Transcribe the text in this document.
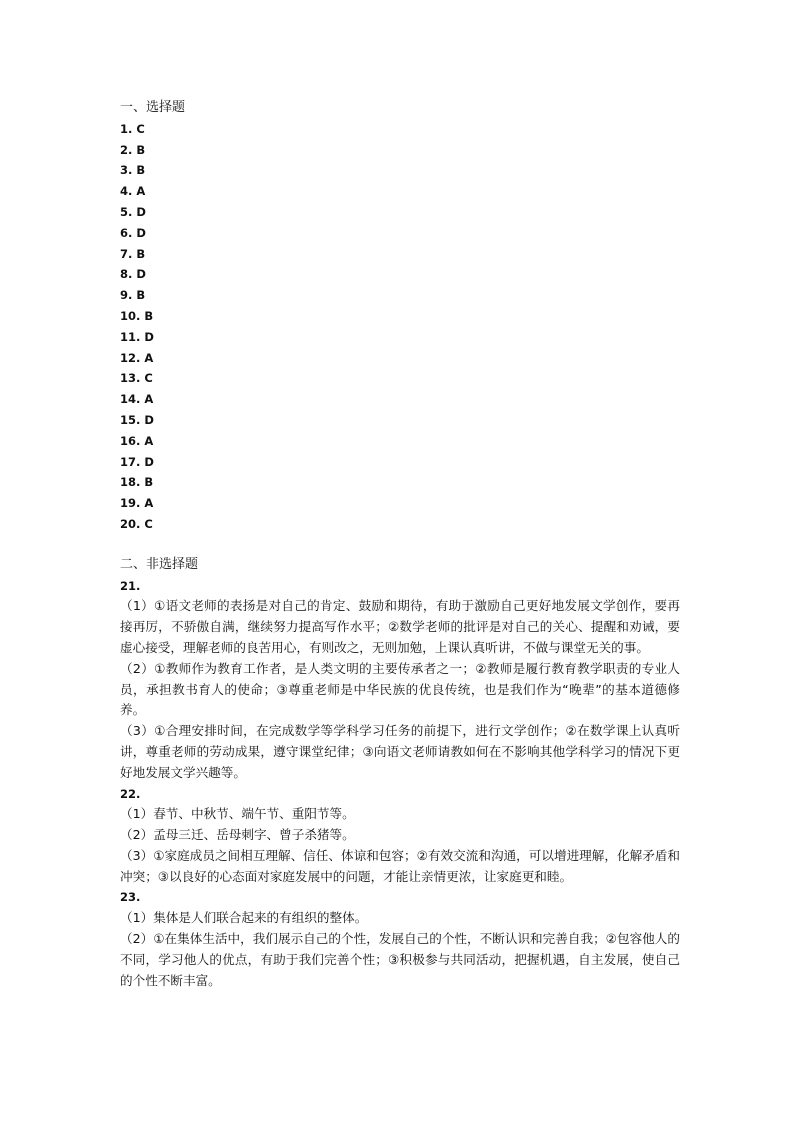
一、选择题

1. C

2. B

3. B

4. A

5. D

6. D

7. B

8. D

9. B

10. B

11. D

12. A

13. C

14. A

15. D

16. A

17. D

18. B

19. A

20. C

二、非选择题

21.

（1）①语文老师的表扬是对自己的肯定、鼓励和期待，有助于激励自己更好地发展文学创作，要再接再厉，不骄傲自满，继续努力提高写作水平；②数学老师的批评是对自己的关心、提醒和劝诫，要虚心接受，理解老师的良苦用心，有则改之，无则加勉，上课认真听讲，不做与课堂无关的事。

（2）①教师作为教育工作者，是人类文明的主要传承者之一；②教师是履行教育教学职责的专业人员，承担教书育人的使命；③尊重老师是中华民族的优良传统，也是我们作为“晚辈”的基本道德修养。

（3）①合理安排时间，在完成数学等学科学习任务的前提下，进行文学创作；②在数学课上认真听讲，尊重老师的劳动成果，遵守课堂纪律；③向语文老师请教如何在不影响其他学科学习的情况下更好地发展文学兴趣等。

22.

（1）春节、中秋节、端午节、重阳节等。

（2）孟母三迁、岳母刺字、曾子杀猪等。

（3）①家庭成员之间相互理解、信任、体谅和包容；②有效交流和沟通，可以增进理解，化解矛盾和冲突；③以良好的心态面对家庭发展中的问题，才能让亲情更浓，让家庭更和睦。

23.

（1）集体是人们联合起来的有组织的整体。

（2）①在集体生活中，我们展示自己的个性，发展自己的个性，不断认识和完善自我；②包容他人的不同，学习他人的优点，有助于我们完善个性；③积极参与共同活动，把握机遇，自主发展，使自己的个性不断丰富。
